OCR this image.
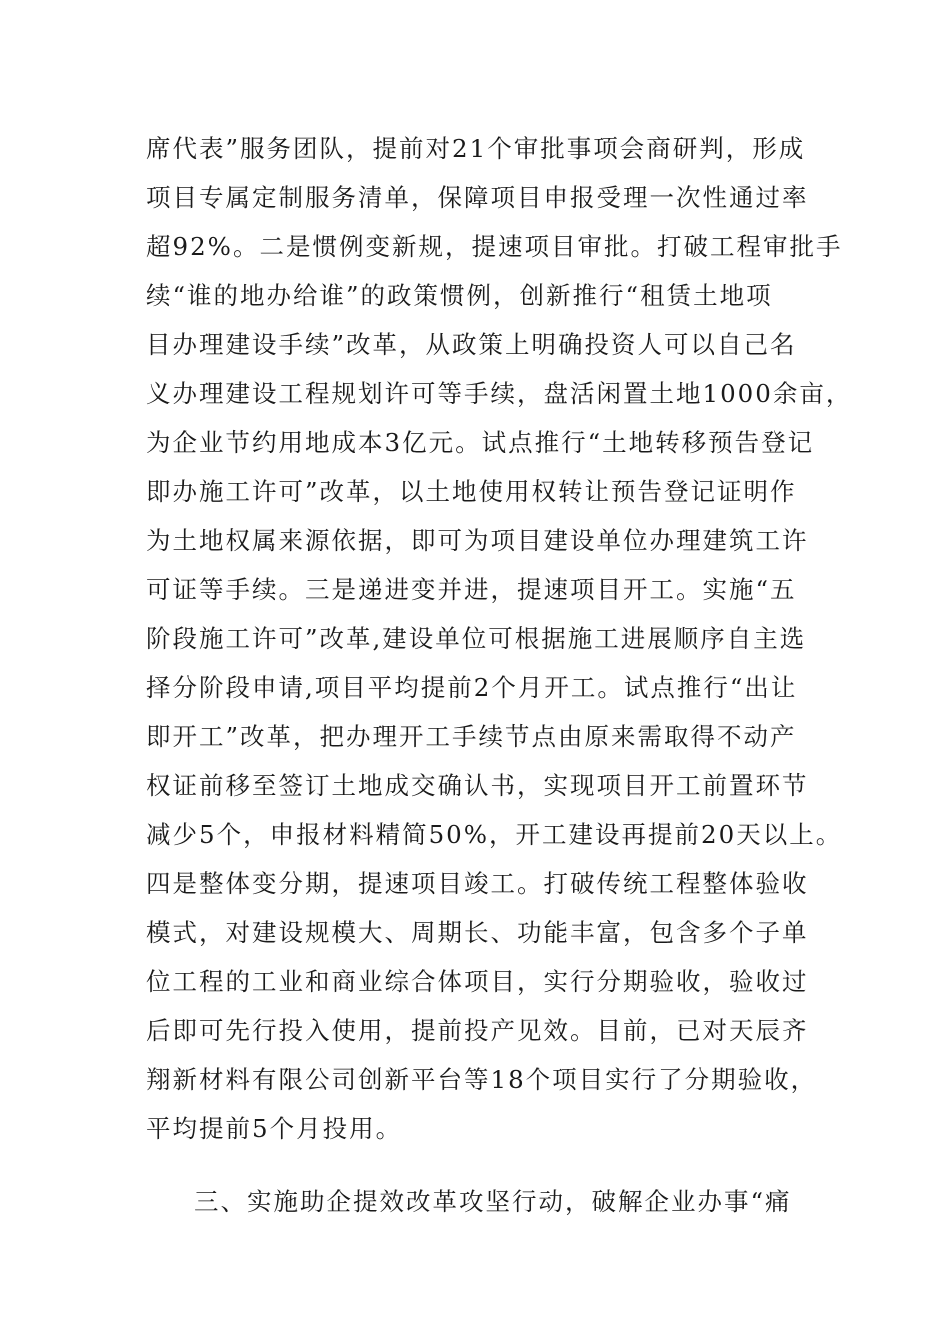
席代表”服务团队，提前对21个审批事项会商研判，形成
项目专属定制服务清单，保障项目申报受理一次性通过率
超92%。二是惯例变新规，提速项目审批。打破工程审批手
续“谁的地办给谁”的政策惯例，创新推行“租赁土地项
目办理建设手续”改革，从政策上明确投资人可以自己名
义办理建设工程规划许可等手续，盘活闲置土地1000余亩，
为企业节约用地成本3亿元。试点推行“土地转移预告登记
即办施工许可”改革，以土地使用权转让预告登记证明作
为土地权属来源依据，即可为项目建设单位办理建筑工许
可证等手续。三是递进变并进，提速项目开工。实施“五
阶段施工许可”改革,建设单位可根据施工进展顺序自主选
择分阶段申请,项目平均提前2个月开工。试点推行“出让
即开工”改革，把办理开工手续节点由原来需取得不动产
权证前移至签订土地成交确认书，实现项目开工前置环节
减少5个，申报材料精简50%，开工建设再提前20天以上。
四是整体变分期，提速项目竣工。打破传统工程整体验收
模式，对建设规模大、周期长、功能丰富，包含多个子单
位工程的工业和商业综合体项目，实行分期验收，验收过
后即可先行投入使用，提前投产见效。目前，已对天辰齐
翔新材料有限公司创新平台等18个项目实行了分期验收，
平均提前5个月投用。
三、实施助企提效改革攻坚行动，破解企业办事“痛
